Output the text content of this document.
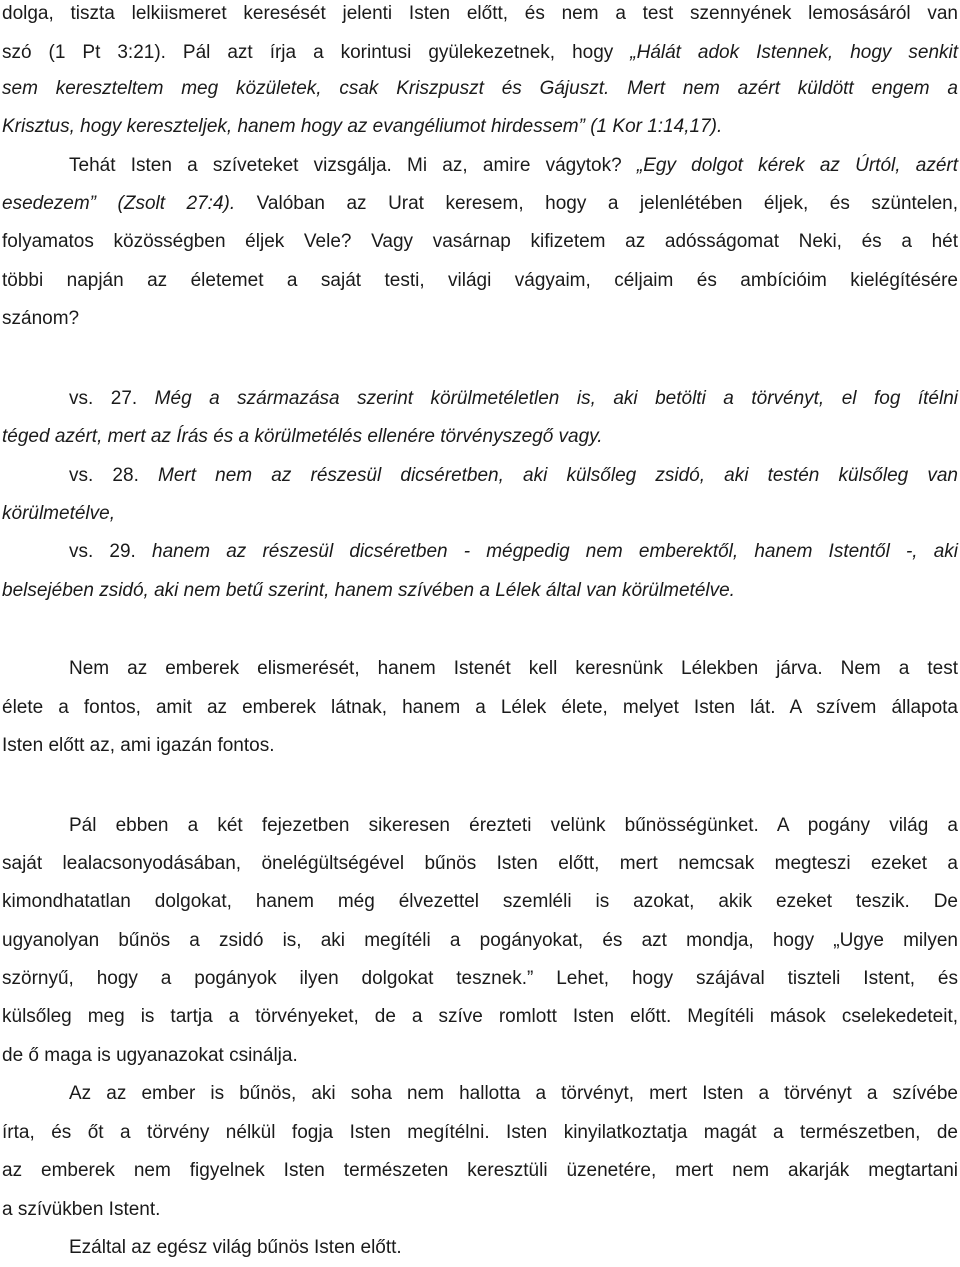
dolga, tiszta lelkiismeret keresését jelenti Isten előtt, és nem a test szennyének lemosásáról van
szó (1 Pt 3:21). Pál azt írja a korintusi gyülekezetnek, hogy „Hálát adok Istennek, hogy senkit
sem kereszteltem meg közületek, csak Kriszpuszt és Gájuszt. Mert nem azért küldött engem a
Krisztus, hogy kereszteljek, hanem hogy az evangéliumot hirdessem” (1 Kor 1:14,17).
Tehát Isten a szíveteket vizsgálja. Mi az, amire vágytok? „Egy dolgot kérek az Úrtól, azért
esedezem” (Zsolt 27:4). Valóban az Urat keresem, hogy a jelenlétében éljek, és szüntelen,
folyamatos közösségben éljek Vele? Vagy vasárnap kifizetem az adósságomat Neki, és a hét
többi napján az életemet a saját testi, világi vágyaim, céljaim és ambícióim kielégítésére
szánom?
vs. 27. Még a származása szerint körülmetéletlen is, aki betölti a törvényt, el fog ítélni
téged azért, mert az Írás és a körülmetélés ellenére törvényszegő vagy.
vs. 28. Mert nem az részesül dicséretben, aki külsőleg zsidó, aki testén külsőleg van
körülmetélve,
vs. 29. hanem az részesül dicséretben - mégpedig nem emberektől, hanem Istentől -, aki
belsejében zsidó, aki nem betű szerint, hanem szívében a Lélek által van körülmetélve.
Nem az emberek elismerését, hanem Istenét kell keresnünk Lélekben járva. Nem a test
élete a fontos, amit az emberek látnak, hanem a Lélek élete, melyet Isten lát. A szívem állapota
Isten előtt az, ami igazán fontos.
Pál ebben a két fejezetben sikeresen érezteti velünk bűnösségünket. A pogány világ a
saját lealacsonyodásában, önelégültségével bűnös Isten előtt, mert nemcsak megteszi ezeket a
kimondhatatlan dolgokat, hanem még élvezettel szemléli is azokat, akik ezeket teszik. De
ugyanolyan bűnös a zsidó is, aki megítéli a pogányokat, és azt mondja, hogy „Ugye milyen
szörnyű, hogy a pogányok ilyen dolgokat tesznek.” Lehet, hogy szájával tiszteli Istent, és
külsőleg meg is tartja a törvényeket, de a szíve romlott Isten előtt. Megítéli mások cselekedeteit,
de ő maga is ugyanazokat csinálja.
Az az ember is bűnös, aki soha nem hallotta a törvényt, mert Isten a törvényt a szívébe
írta, és őt a törvény nélkül fogja Isten megítélni. Isten kinyilatkoztatja magát a természetben, de
az emberek nem figyelnek Isten természeten keresztüli üzenetére, mert nem akarják megtartani
a szívükben Istent.
Ezáltal az egész világ bűnös Isten előtt.
